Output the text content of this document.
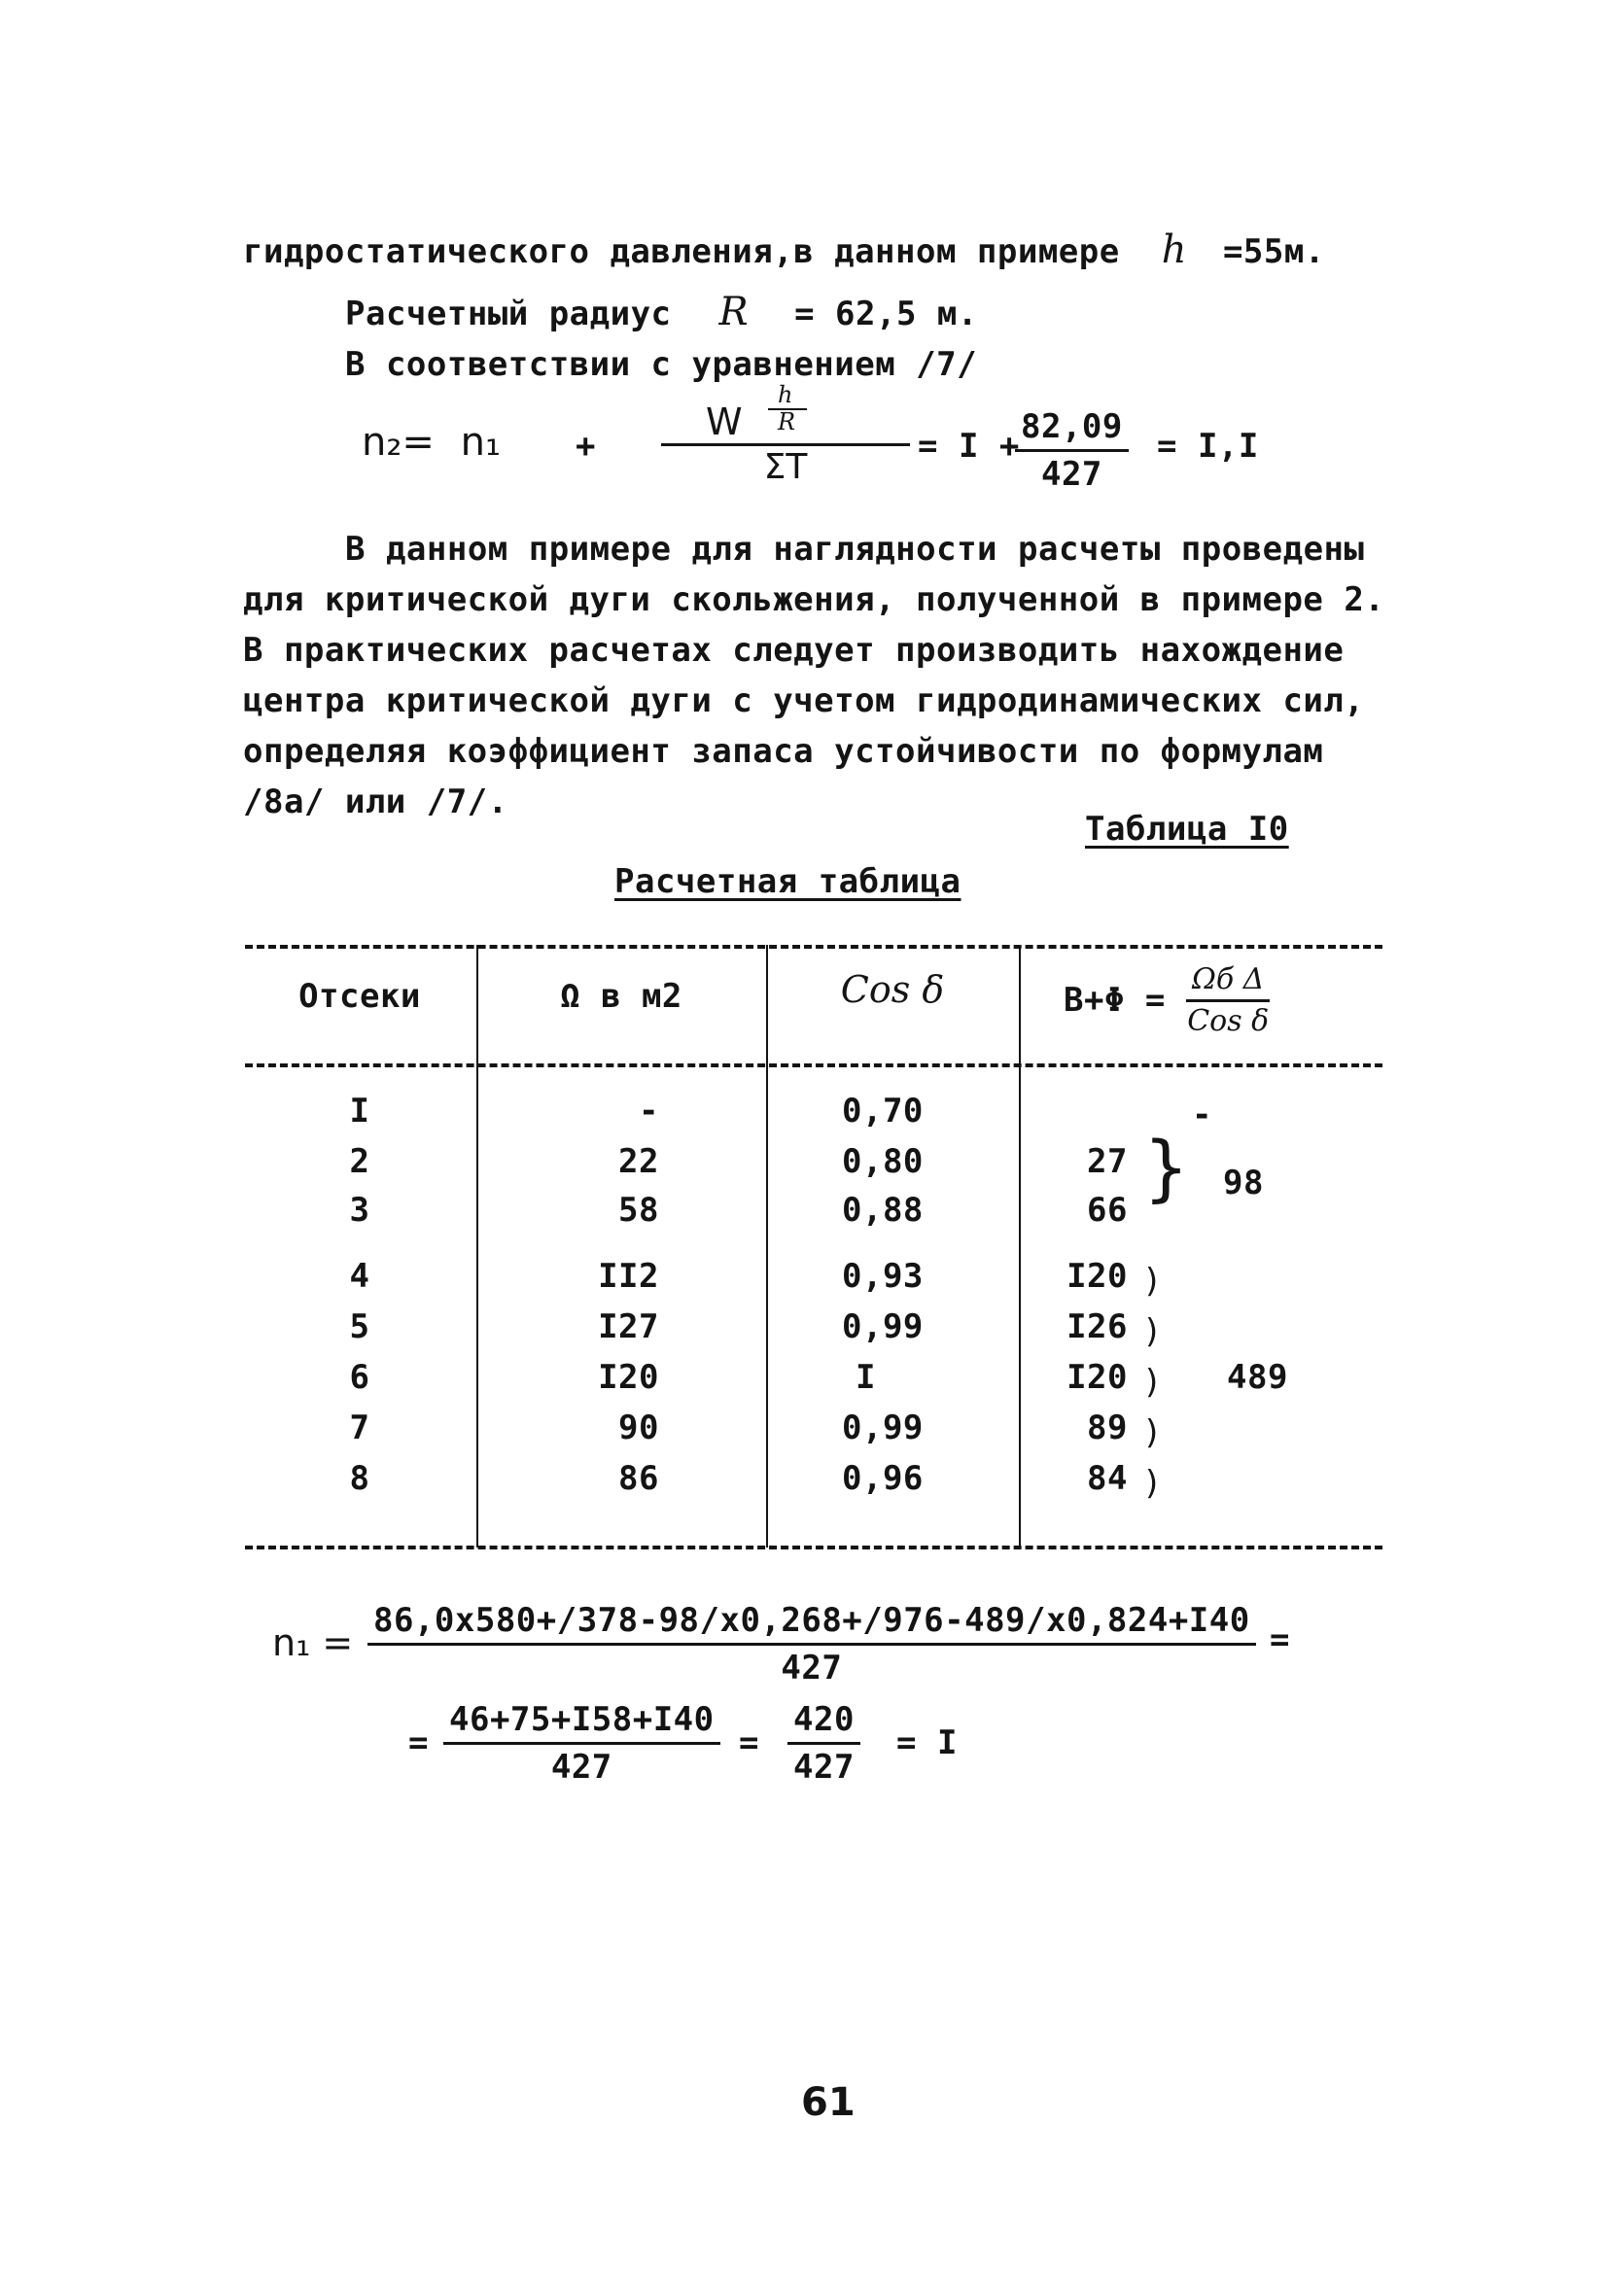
гидростатического давления,в данном примере ℎ =55м.
Расчетный радиус R = 62,5 м.
В соответствии с уравнением /7/
n₂= n₁ +
W
ℎ
R
ΣT
= I +
$\frac{82,09}{427} = I,I$
В данном примере для наглядности расчеты проведены
для критической дуги скольжения, полученной в примере 2.
В практических расчетах следует производить нахождение
центра критической дуги с учетом гидродинамических сил,
определяя коэффициент запаса устойчивости по формулам
/8а/ или /7/.
Таблица I0
Расчетная таблица
Отсеки	Ω в м2	Cos δ	B+Φ =
Ωб Δ
Cos δ
I	-	0,70	-
2	22	0,80	27
3	58	0,88	66
4	II2	0,93	I20
5	I27	0,99	I26
6	I20	I	I20
7	90	0,99	89
8	86	0,96	84
} 98
)
)
)
)
)
489
$n_1 = \frac{86,0x580+/378-98/x0,268+/976-489/x0,824+I40}{427}$ =
= $\frac{46+75+I58+I40}{427} = \frac{420}{427} = I$
61
